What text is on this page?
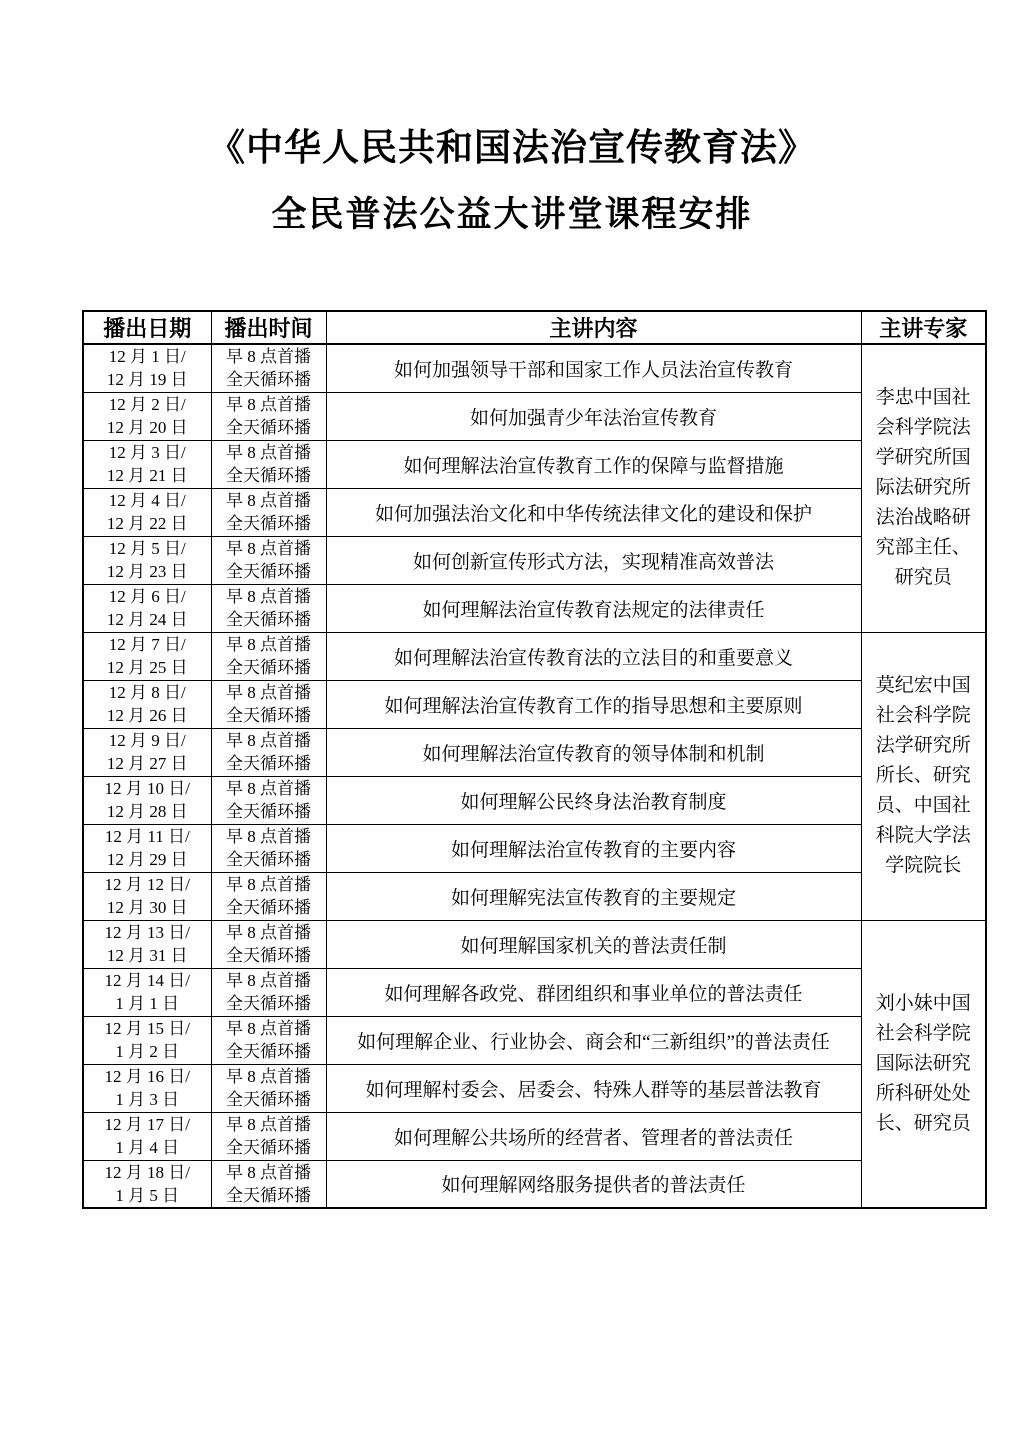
《中华人民共和国法治宣传教育法》
全民普法公益大讲堂课程安排
播出日期	播出时间	主讲内容	主讲专家

12 月 1 日/
12 月 19 日	早 8 点首播
全天循环播	如何加强领导干部和国家工作人员法治宣传教育	李忠中国社会科学院法学研究所国际法研究所法治战略研究部主任、研究员

12 月 2 日/
12 月 20 日	早 8 点首播
全天循环播	如何加强青少年法治宣传教育	

12 月 3 日/
12 月 21 日	早 8 点首播
全天循环播	如何理解法治宣传教育工作的保障与监督措施	

12 月 4 日/
12 月 22 日	早 8 点首播
全天循环播	如何加强法治文化和中华传统法律文化的建设和保护	

12 月 5 日/
12 月 23 日	早 8 点首播
全天循环播	如何创新宣传形式方法，实现精准高效普法	

12 月 6 日/
12 月 24 日	早 8 点首播
全天循环播	如何理解法治宣传教育法规定的法律责任	

12 月 7 日/
12 月 25 日	早 8 点首播
全天循环播	如何理解法治宣传教育法的立法目的和重要意义	莫纪宏中国社会科学院法学研究所所长、研究员、中国社科院大学法学院院长

12 月 8 日/
12 月 26 日	早 8 点首播
全天循环播	如何理解法治宣传教育工作的指导思想和主要原则	

12 月 9 日/
12 月 27 日	早 8 点首播
全天循环播	如何理解法治宣传教育的领导体制和机制	

12 月 10 日/
12 月 28 日	早 8 点首播
全天循环播	如何理解公民终身法治教育制度	

12 月 11 日/
12 月 29 日	早 8 点首播
全天循环播	如何理解法治宣传教育的主要内容	

12 月 12 日/
12 月 30 日	早 8 点首播
全天循环播	如何理解宪法宣传教育的主要规定	

12 月 13 日/
12 月 31 日	早 8 点首播
全天循环播	如何理解国家机关的普法责任制	刘小妹中国社会科学院国际法研究所科研处处长、研究员

12 月 14 日/
1 月 1 日	早 8 点首播
全天循环播	如何理解各政党、群团组织和事业单位的普法责任	

12 月 15 日/
1 月 2 日	早 8 点首播
全天循环播	如何理解企业、行业协会、商会和“三新组织”的普法责任	

12 月 16 日/
1 月 3 日	早 8 点首播
全天循环播	如何理解村委会、居委会、特殊人群等的基层普法教育	

12 月 17 日/
1 月 4 日	早 8 点首播
全天循环播	如何理解公共场所的经营者、管理者的普法责任	

12 月 18 日/
1 月 5 日	早 8 点首播
全天循环播	如何理解网络服务提供者的普法责任	
